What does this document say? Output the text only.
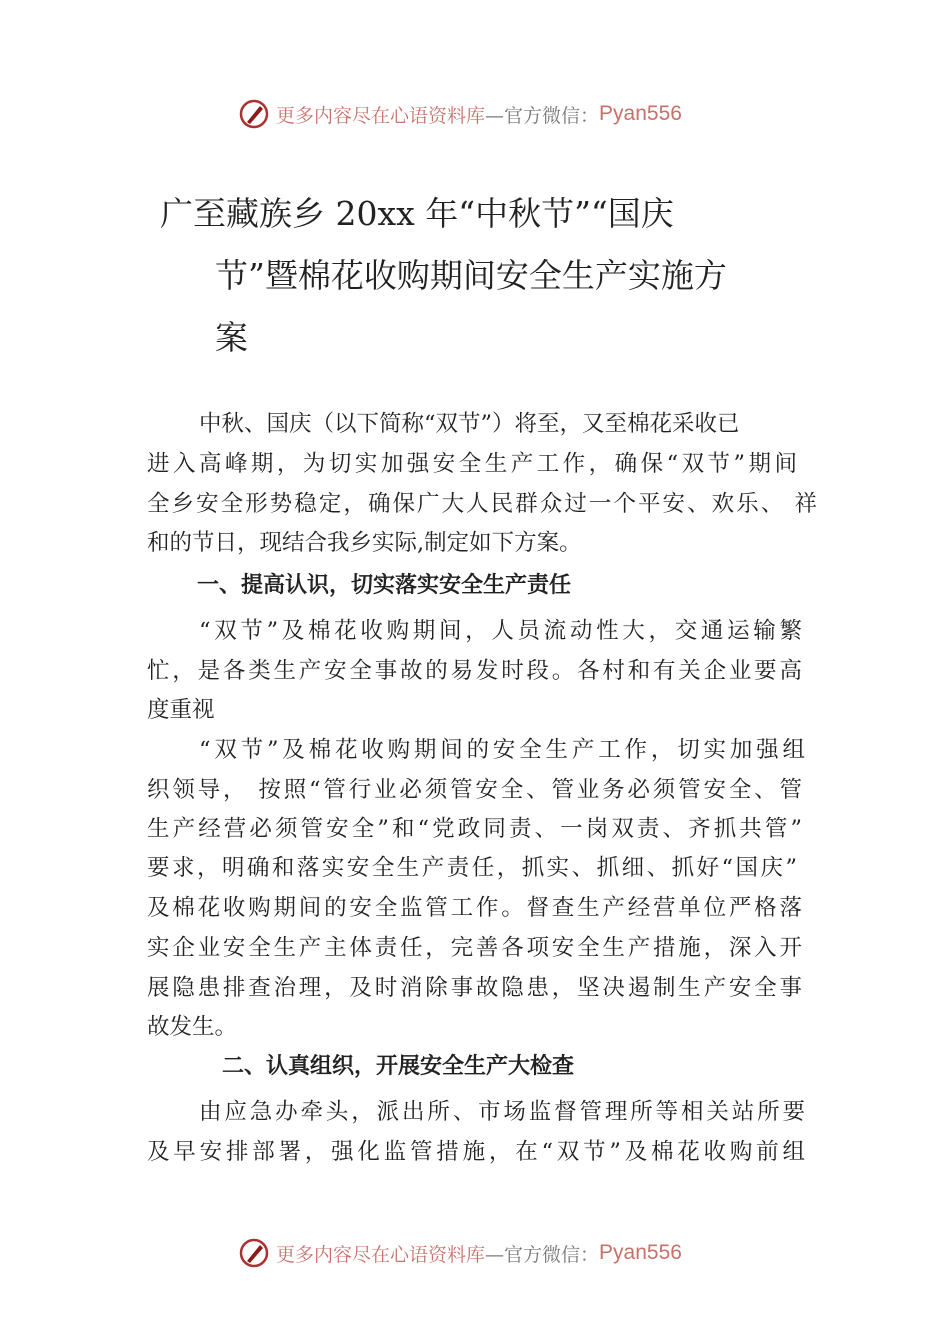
更多内容尽在心语资料库 —官方微信： Pyan556
广至藏族乡 20xx 年“中秋节”“国庆
节”暨棉花收购期间安全生产实施方
案
中秋、国庆（以下简称“双节”）将至，又至棉花采收已
进入高峰期，为切实加强安全生产工作，确保“双节”期间
全乡安全形势稳定，确保广大人民群众过一个平安、欢乐、 祥
和的节日，现结合我乡实际,制定如下方案。
一、提高认识，切实落实安全生产责任
“双节”及棉花收购期间，人员流动性大，交通运输繁
忙，是各类生产安全事故的易发时段。各村和有关企业要高
度重视
“双节”及棉花收购期间的安全生产工作，切实加强组
织领导， 按照“管行业必须管安全、管业务必须管安全、管
生产经营必须管安全”和“党政同责、一岗双责、齐抓共管”
要求，明确和落实安全生产责任，抓实、抓细、抓好“国庆”
及棉花收购期间的安全监管工作。督查生产经营单位严格落
实企业安全生产主体责任，完善各项安全生产措施，深入开
展隐患排查治理，及时消除事故隐患，坚决遏制生产安全事
故发生。
二、认真组织，开展安全生产大检查
由应急办牵头，派出所、市场监督管理所等相关站所要
及早安排部署，强化监管措施，在“双节”及棉花收购前组
更多内容尽在心语资料库 —官方微信： Pyan556
